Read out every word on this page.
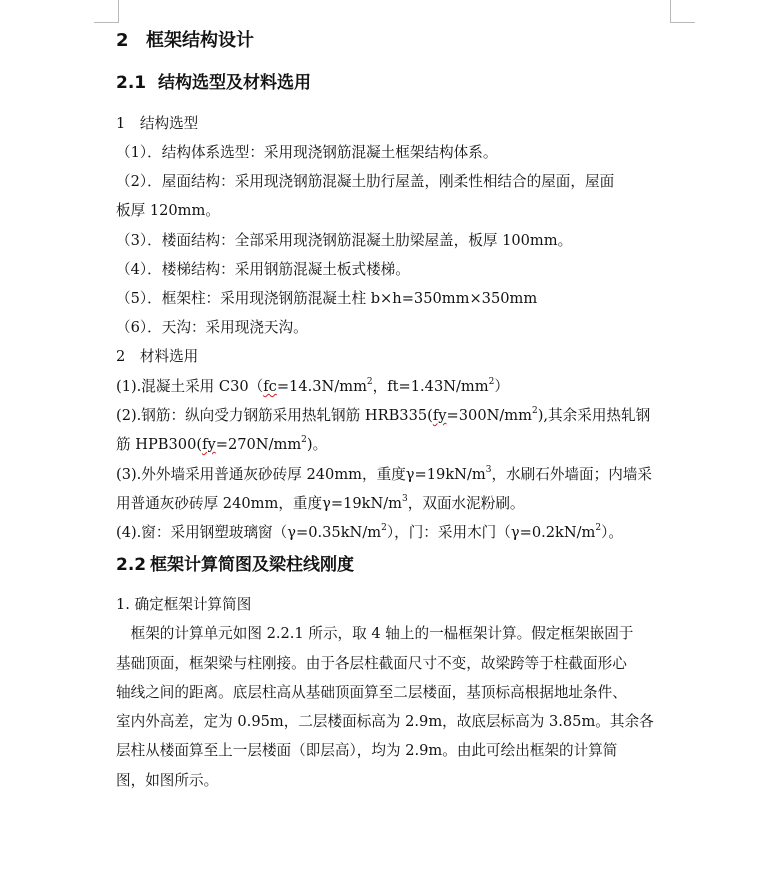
2 框架结构设计
2.1 结构选型及材料选用
1　结构选型
（1）．结构体系选型：采用现浇钢筋混凝土框架结构体系。
（2）．屋面结构：采用现浇钢筋混凝土肋行屋盖，刚柔性相结合的屋面，屋面
板厚 120mm。
（3）．楼面结构：全部采用现浇钢筋混凝土肋梁屋盖，板厚 100mm。
（4）．楼梯结构：采用钢筋混凝土板式楼梯。
（5）．框架柱：采用现浇钢筋混凝土柱 b×h=350mm×350mm
（6）．天沟：采用现浇天沟。
2　材料选用
(1).混凝土采用 $C30(fc=14.3N/mm^2$，$ft=1.43N/mm^2$）
(2).钢筋：纵向受力钢筋采用热轧钢筋 $HRB335(fy=300N/mm^2)$,其余采用热轧钢
筋 $HPB300(fy=270N/mm^2)$。
(3).外外墙采用普通灰砂砖厚 240mm，重度$\gamma=19kN/m^3$，水刷石外墙面；内墙采
用普通灰砂砖厚 240mm，重度$\gamma=19kN/m^3$，双面水泥粉刷。
(4).窗：采用钢塑玻璃窗$(\gamma=0.35kN/m^2)$，门：采用木门$(\gamma=0.2kN/m^2)$。
2.2 框架计算简图及梁柱线刚度
1. 确定框架计算简图
　框架的计算单元如图 2.2.1 所示，取 4 轴上的一榀框架计算。假定框架嵌固于
基础顶面，框架梁与柱刚接。由于各层柱截面尺寸不变，故梁跨等于柱截面形心
轴线之间的距离。底层柱高从基础顶面算至二层楼面，基顶标高根据地址条件、
室内外高差，定为 0.95m，二层楼面标高为 2.9m，故底层标高为 3.85m。其余各
层柱从楼面算至上一层楼面（即层高），均为 2.9m。由此可绘出框架的计算简
图，如图所示。
